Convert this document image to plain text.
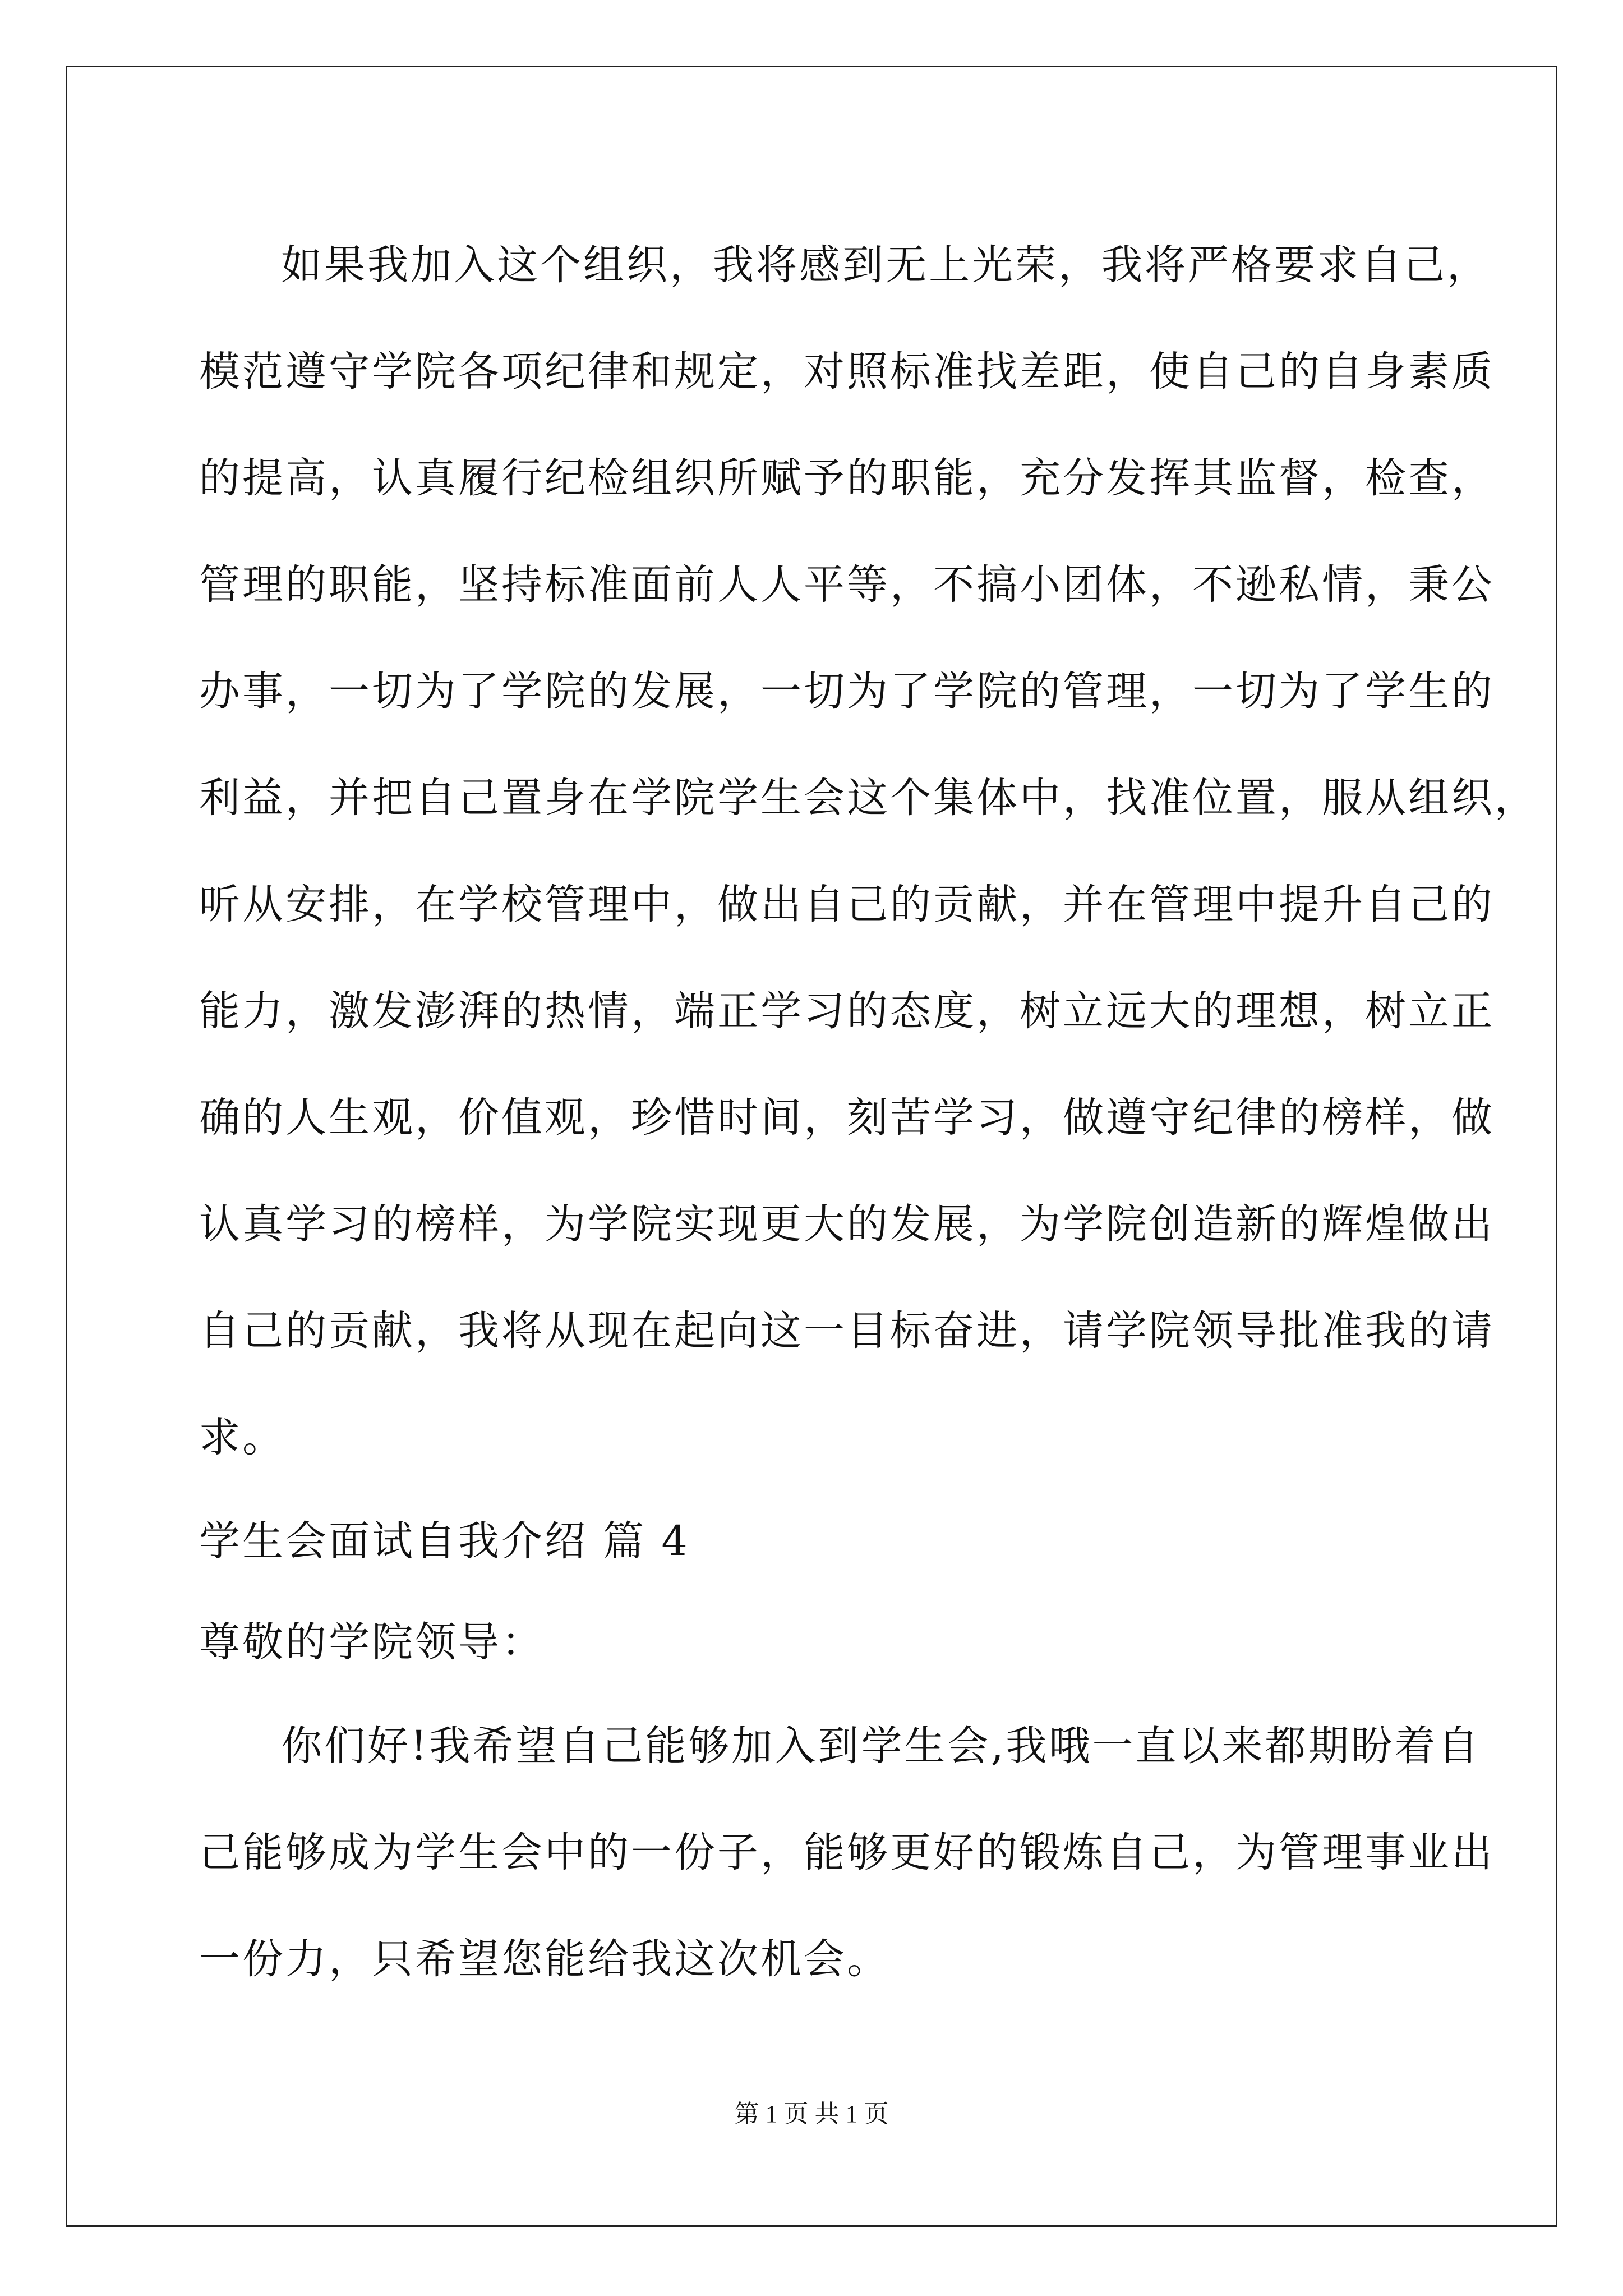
如果我加入这个组织，我将感到无上光荣，我将严格要求自己，
模范遵守学院各项纪律和规定，对照标准找差距，使自己的自身素质
的提高，认真履行纪检组织所赋予的职能，充分发挥其监督，检查，
管理的职能，坚持标准面前人人平等，不搞小团体，不逊私情，秉公
办事，一切为了学院的发展，一切为了学院的管理，一切为了学生的
利益，并把自己置身在学院学生会这个集体中，找准位置，服从组织，
听从安排，在学校管理中，做出自己的贡献，并在管理中提升自己的
能力，激发澎湃的热情，端正学习的态度，树立远大的理想，树立正
确的人生观，价值观，珍惜时间，刻苦学习，做遵守纪律的榜样，做
认真学习的榜样，为学院实现更大的发展，为学院创造新的辉煌做出
自己的贡献，我将从现在起向这一目标奋进，请学院领导批准我的请
求。
学生会面试自我介绍 篇 4
尊敬的学院领导：
你们好!我希望自己能够加入到学生会,我哦一直以来都期盼着自
己能够成为学生会中的一份子，能够更好的锻炼自己，为管理事业出
一份力，只希望您能给我这次机会。
第 1 页 共 1 页
